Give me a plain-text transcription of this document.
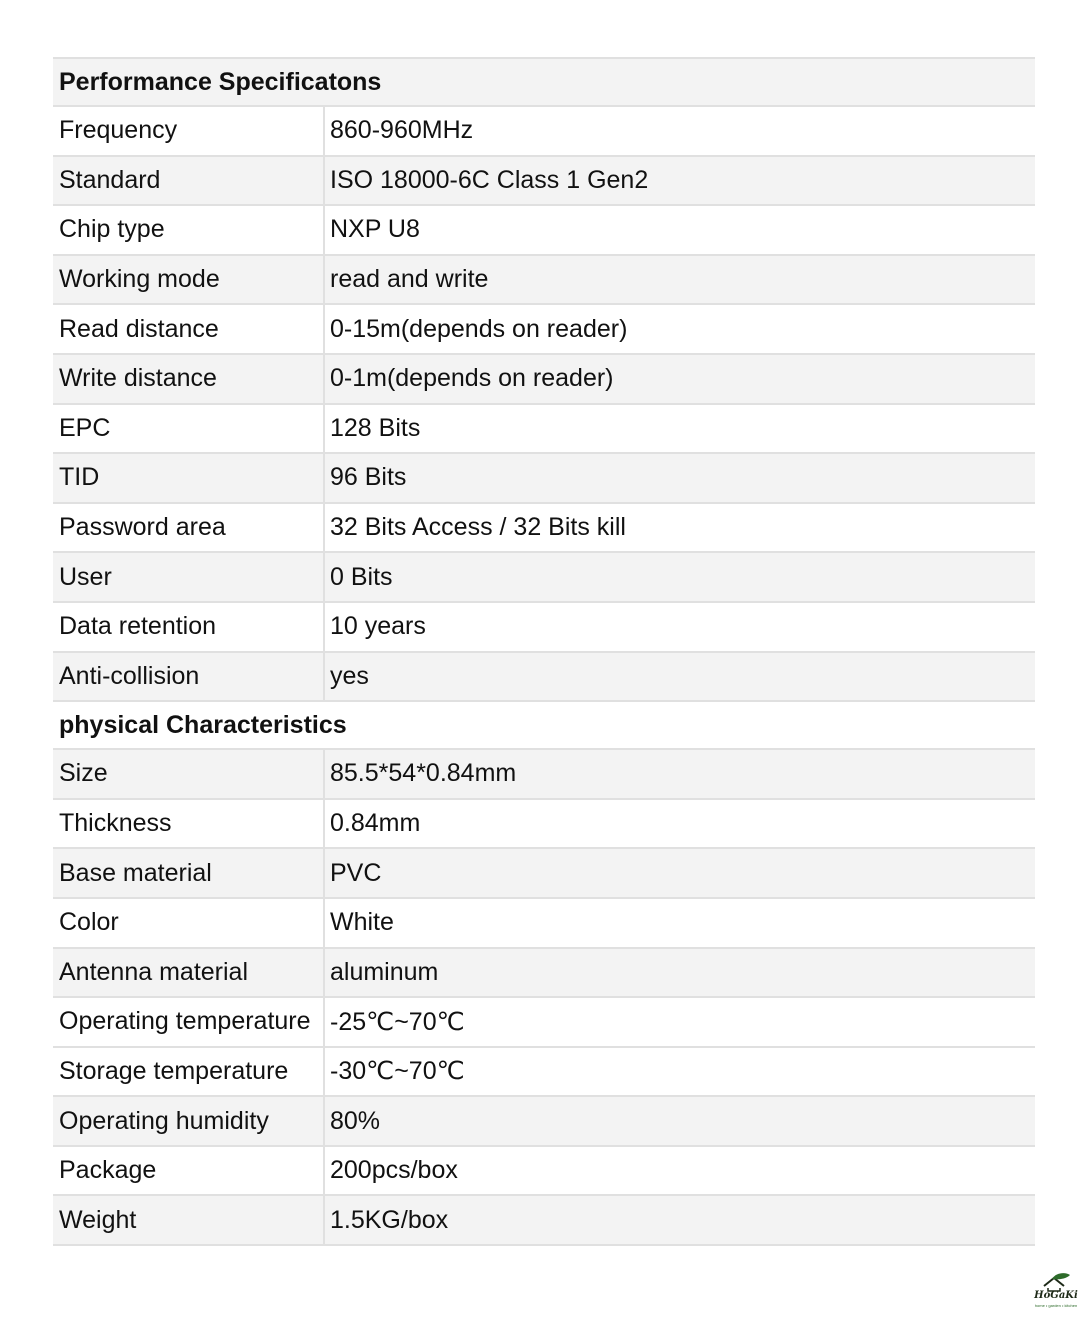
Performance Specificatons
Frequency	860-960MHz
Standard	ISO 18000-6C Class 1 Gen2
Chip type	NXP U8
Working mode	read and write
Read distance	0-15m(depends on reader)
Write distance	0-1m(depends on reader)
EPC	128 Bits
TID	96 Bits
Password area	32 Bits Access / 32 Bits kill
User	0 Bits
Data retention	10 years
Anti-collision	yes
physical Characteristics
Size	85.5*54*0.84mm
Thickness	0.84mm
Base material	PVC
Color	White
Antenna material	aluminum
Operating temperature -25℃~70℃
Storage temperature	-30℃~70℃
Operating humidity	80%
Package	200pcs/box
Weight	1.5KG/box
HoGaKi
home • garden • kitchen
